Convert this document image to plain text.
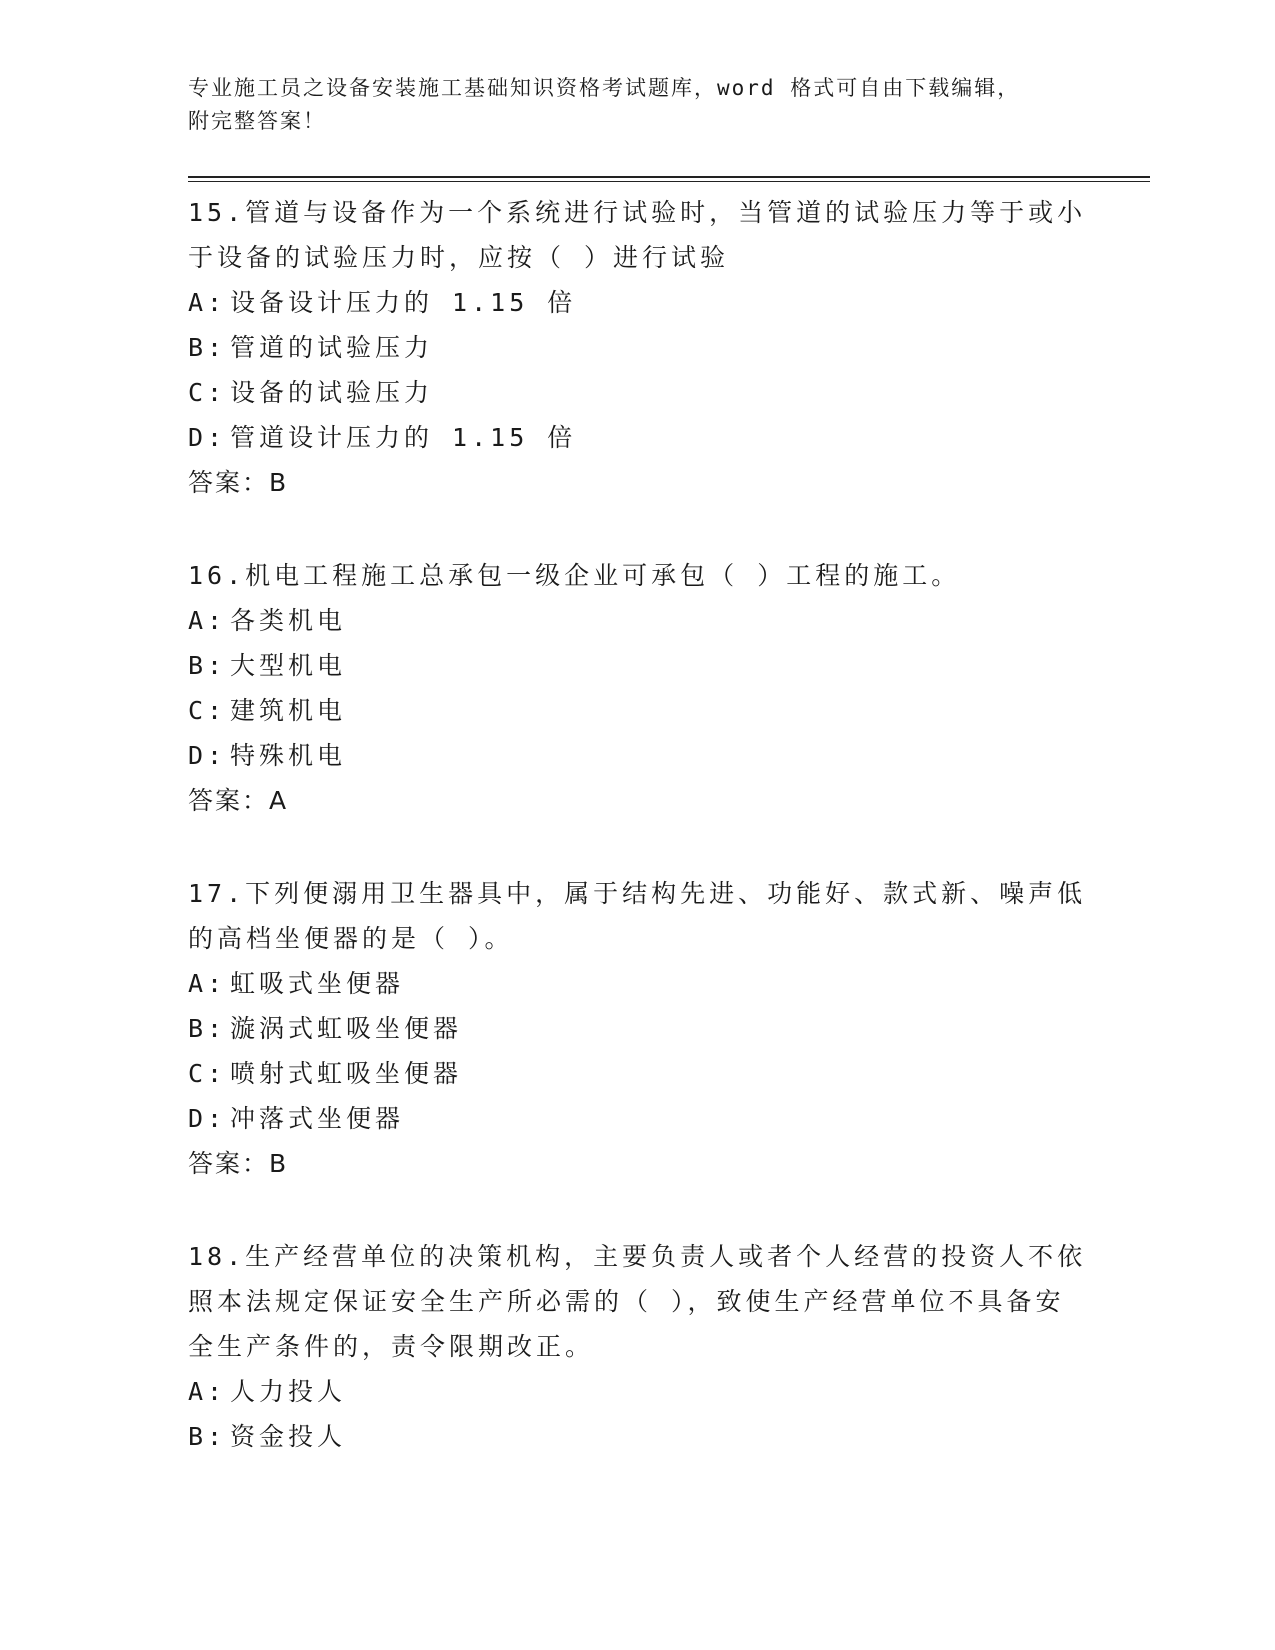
专业施工员之设备安装施工基础知识资格考试题库，word 格式可自由下载编辑，
附完整答案！
15.管道与设备作为一个系统进行试验时，当管道的试验压力等于或小于设备的试验压力时，应按（ ）进行试验
A: 设备设计压力的 1.15 倍
B: 管道的试验压力
C: 设备的试验压力
D: 管道设计压力的 1.15 倍
答案：B
16.机电工程施工总承包一级企业可承包（ ）工程的施工。
A: 各类机电
B: 大型机电
C: 建筑机电
D: 特殊机电
答案：A
17.下列便溺用卫生器具中，属于结构先进、功能好、款式新、噪声低的高档坐便器的是（ ）。
A: 虹吸式坐便器
B: 漩涡式虹吸坐便器
C: 喷射式虹吸坐便器
D: 冲落式坐便器
答案：B
18.生产经营单位的决策机构，主要负责人或者个人经营的投资人不依照本法规定保证安全生产所必需的（ ），致使生产经营单位不具备安全生产条件的，责令限期改正。
A: 人力投人
B: 资金投人
